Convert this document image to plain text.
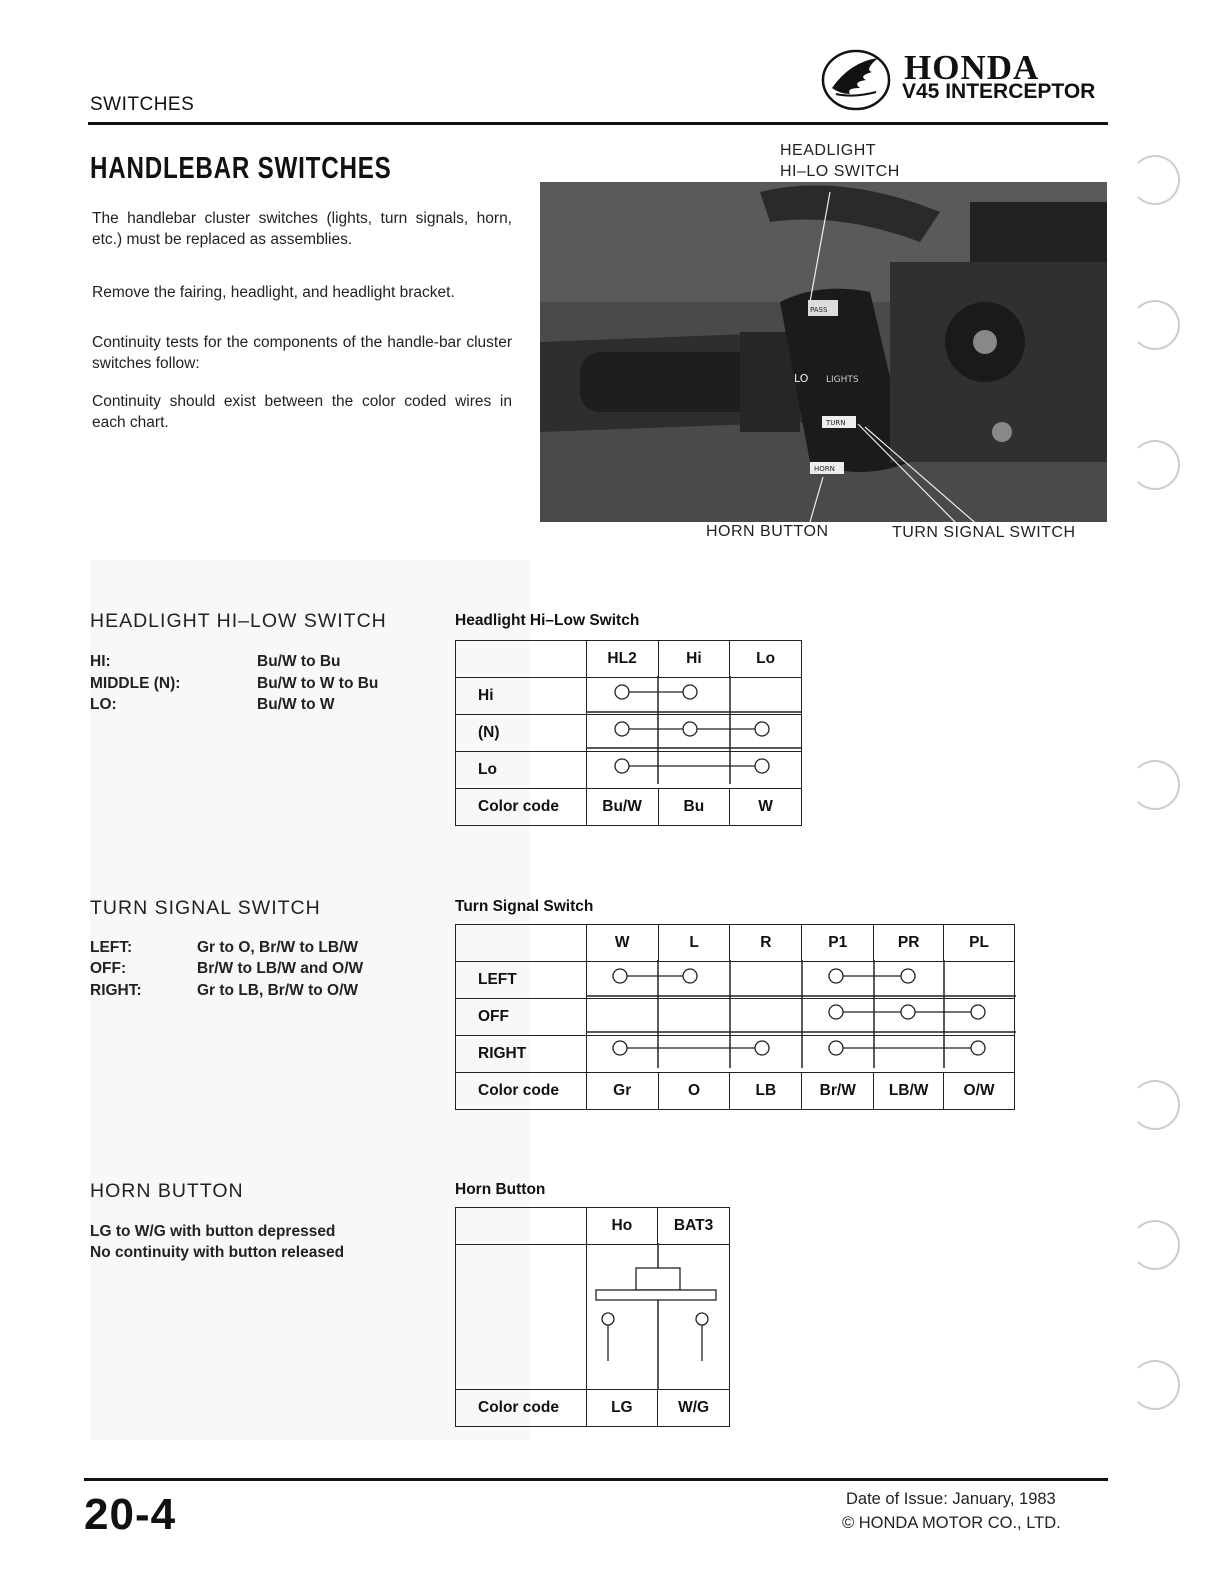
SWITCHES
HONDA
V45 INTERCEPTOR
HANDLEBAR SWITCHES
The handlebar cluster switches (lights, turn signals, horn, etc.) must be replaced as assemblies.
Remove the fairing, headlight, and headlight bracket.
Continuity tests for the components of the handle-bar cluster switches follow:
Continuity should exist between the color coded wires in each chart.
HEADLIGHT
HI–LO SWITCH
PASS
LO LIGHTS
TURN
HORN
HORN BUTTON	TURN SIGNAL SWITCH
HEADLIGHT HI–LOW SWITCH
HI:	Bu/W to Bu
MIDDLE (N):	Bu/W to W to Bu
LO:	Bu/W to W
Headlight Hi–Low Switch
	HL2	Hi	Lo
Hi			
(N)			
Lo			
Color code	Bu/W	Bu	W
TURN SIGNAL SWITCH
LEFT:	Gr to O, Br/W to LB/W
OFF:	Br/W to LB/W and O/W
RIGHT:	Gr to LB, Br/W to O/W
Turn Signal Switch
	W	L	R	P1	PR	PL
LEFT						
OFF						
RIGHT						
Color code	Gr	O	LB	Br/W	LB/W	O/W
HORN BUTTON
LG to W/G with button depressed
No continuity with button released
Horn Button
	Ho	BAT3

Color code	LG	W/G
20-4	Date of Issue: January, 1983
© HONDA MOTOR CO., LTD.
